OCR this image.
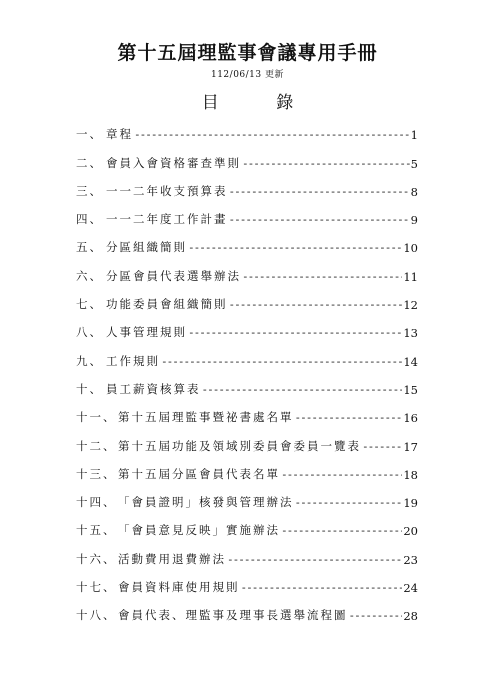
第十五屆理監事會議專用手冊
112/06/13 更新
目 錄
一、 章程 -----	1
二、 會員入會資格審查準則 -----	5
三、 一一二年收支預算表 -----	8
四、 一一二年度工作計畫 -----	9
五、 分區組織簡則 -----	10
六、 分區會員代表選舉辦法 -----	11
七、 功能委員會組織簡則 -----	12
八、 人事管理規則 -----	13
九、 工作規則 -----	14
十、 員工薪資核算表 -----	15
十一、 第十五屆理監事暨祕書處名單 -----	16
十二、 第十五屆功能及領域別委員會委員一覽表 -----	17
十三、 第十五屆分區會員代表名單 -----	18
十四、 「會員證明」核發與管理辦法 -----	19
十五、 「會員意見反映」實施辦法 -----	20
十六、 活動費用退費辦法 -----	23
十七、 會員資料庫使用規則 -----	24
十八、 會員代表、理監事及理事長選舉流程圖 -----	28
